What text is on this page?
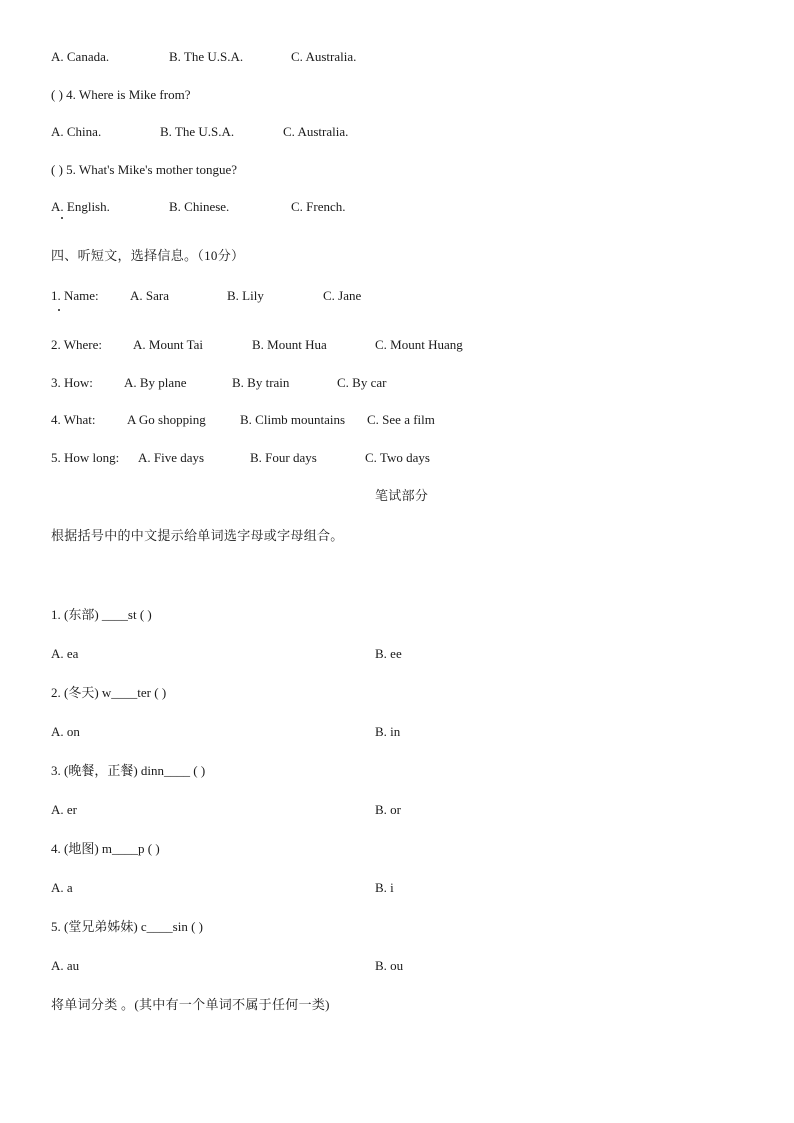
A. Canada.	B. The U.S.A.	C. Australia.
( ) 4. Where is Mike from?
A. China.	B. The U.S.A.	C. Australia.
( ) 5. What's Mike's mother tongue?
A. English.	B. Chinese.	C. French.
四、听短文，选择信息。（10分）
1. Name: A. Sara	B. Lily	C. Jane
2. Where: A. Mount Tai	B. Mount Hua	C. Mount Huang
3. How: A. By plane	B. By train	C. By car
4. What: A Go shopping	B. Climb mountains C. See a film
5. How long: A. Five days	B. Four days	C. Two days
笔试部分
根据括号中的中文提示给单词选字母或字母组合。
1. (东部) ____st ( )
A. ea	B. ee
2. (冬天) w____ter ( )
A. on	B. in
3. (晚餐，正餐) dinn____ ( )
A. er	B. or
4. (地图) m____p ( )
A. a	B. i
5. (堂兄弟姊妹) c____sin ( )
A. au	B. ou
将单词分类 。(其中有一个单词不属于任何一类)
